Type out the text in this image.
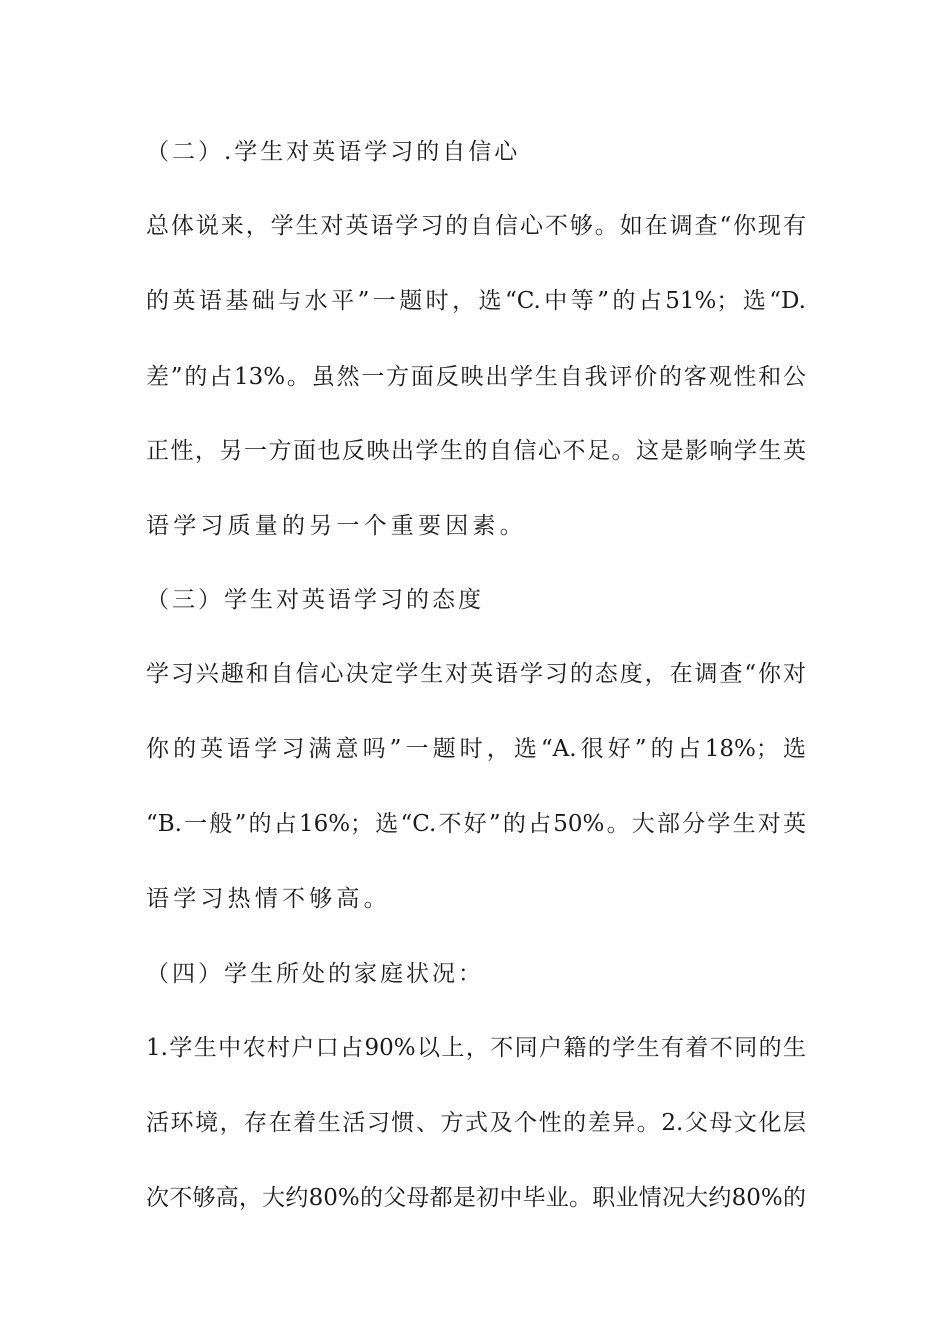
（二）.学生对英语学习的自信心
总体说来，学生对英语学习的自信心不够。如在调查“你现有
的英语基础与水平”一题时，选“C.中等”的占51%；选“D.
差”的占13%。虽然一方面反映出学生自我评价的客观性和公
正性，另一方面也反映出学生的自信心不足。这是影响学生英
语学习质量的另一个重要因素。
（三）学生对英语学习的态度
学习兴趣和自信心决定学生对英语学习的态度，在调查“你对
你的英语学习满意吗”一题时，选“A.很好”的占18%；选
“B.一般”的占16%；选“C.不好”的占50%。大部分学生对英
语学习热情不够高。
（四）学生所处的家庭状况：
1.学生中农村户口占90%以上，不同户籍的学生有着不同的生
活环境，存在着生活习惯、方式及个性的差异。2.父母文化层
次不够高，大约80%的父母都是初中毕业。职业情况大约80%的
